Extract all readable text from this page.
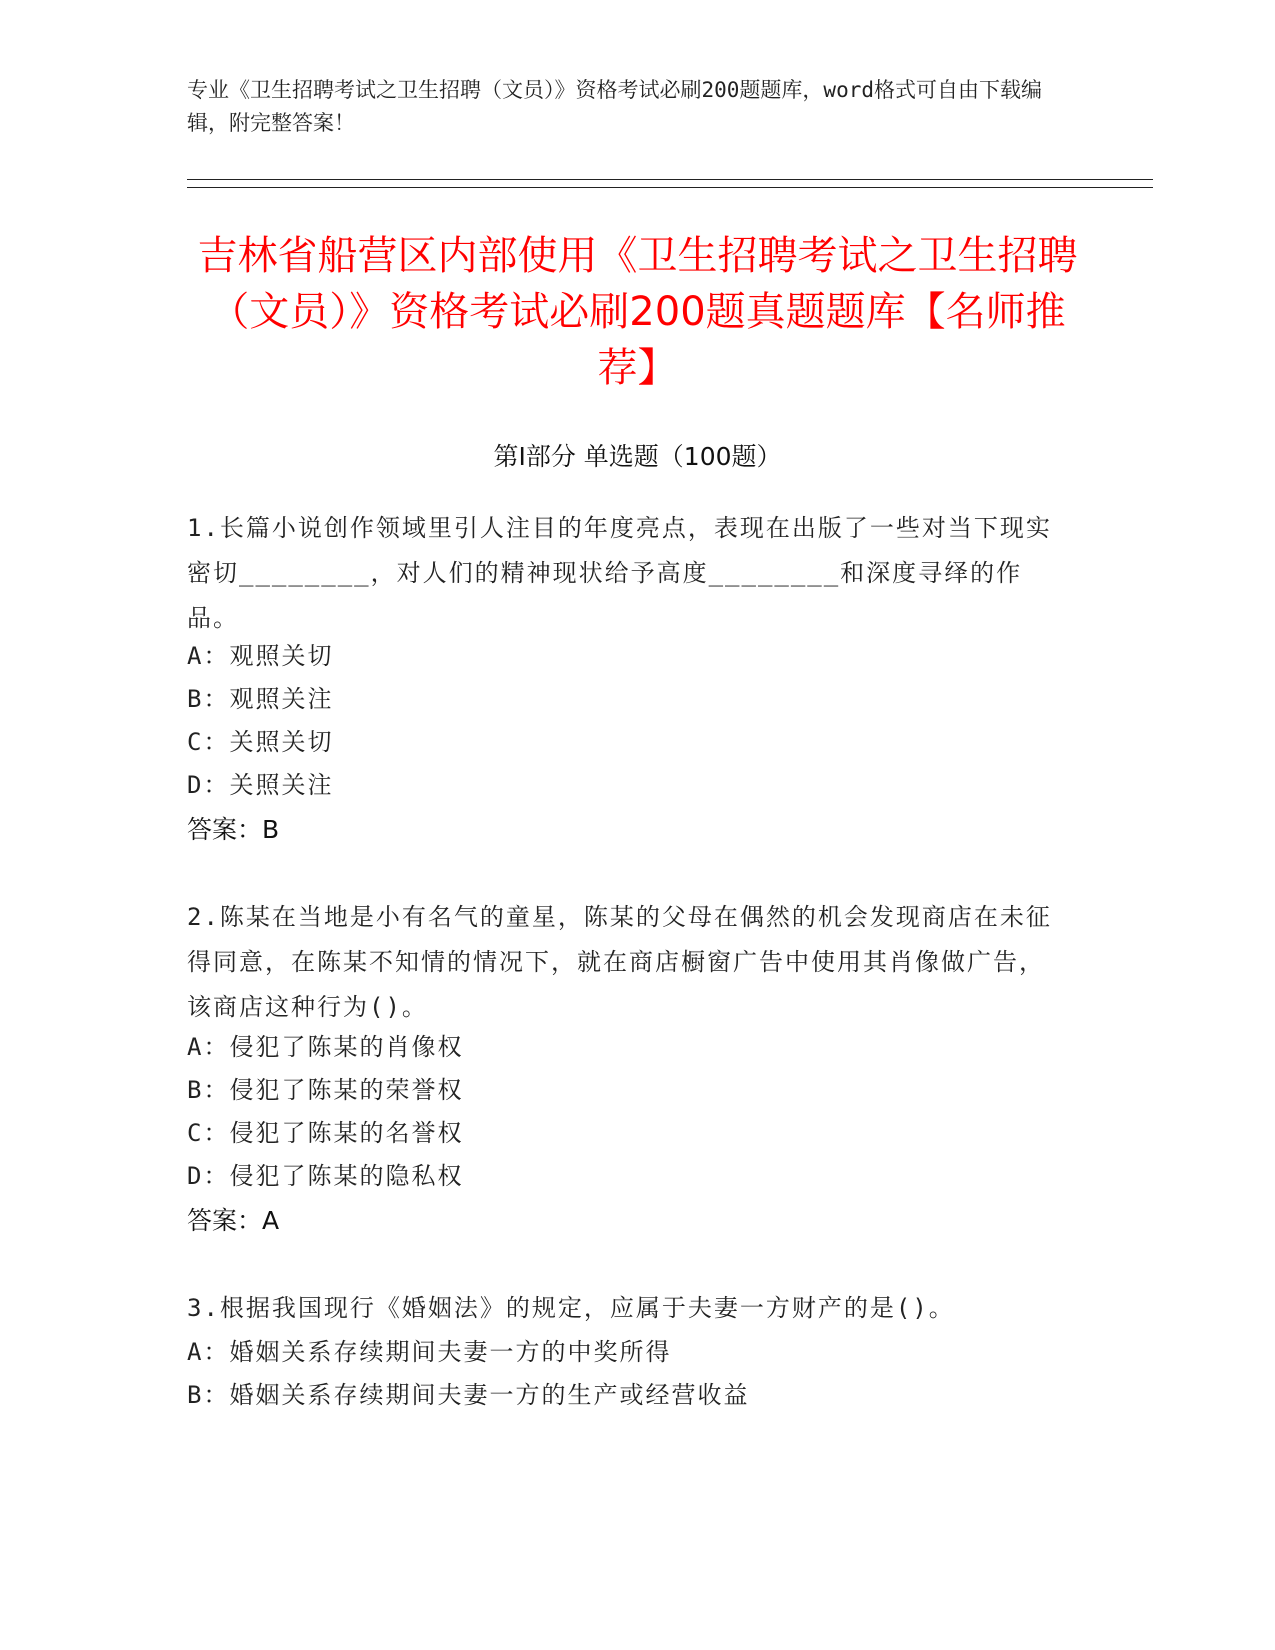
专业《卫生招聘考试之卫生招聘（文员）》资格考试必刷200题题库，word格式可自由下载编辑，附完整答案！
吉林省船营区内部使用《卫生招聘考试之卫生招聘（文员）》资格考试必刷200题真题题库【名师推荐】
第Ⅰ部分 单选题（100题）
1.长篇小说创作领域里引人注目的年度亮点，表现在出版了一些对当下现实密切________，对人们的精神现状给予高度________和深度寻绎的作品。
A：观照关切
B：观照关注
C：关照关切
D：关照关注
答案：B
2.陈某在当地是小有名气的童星，陈某的父母在偶然的机会发现商店在未征得同意，在陈某不知情的情况下，就在商店橱窗广告中使用其肖像做广告，该商店这种行为()。
A：侵犯了陈某的肖像权
B：侵犯了陈某的荣誉权
C：侵犯了陈某的名誉权
D：侵犯了陈某的隐私权
答案：A
3.根据我国现行《婚姻法》的规定，应属于夫妻一方财产的是()。
A：婚姻关系存续期间夫妻一方的中奖所得
B：婚姻关系存续期间夫妻一方的生产或经营收益
